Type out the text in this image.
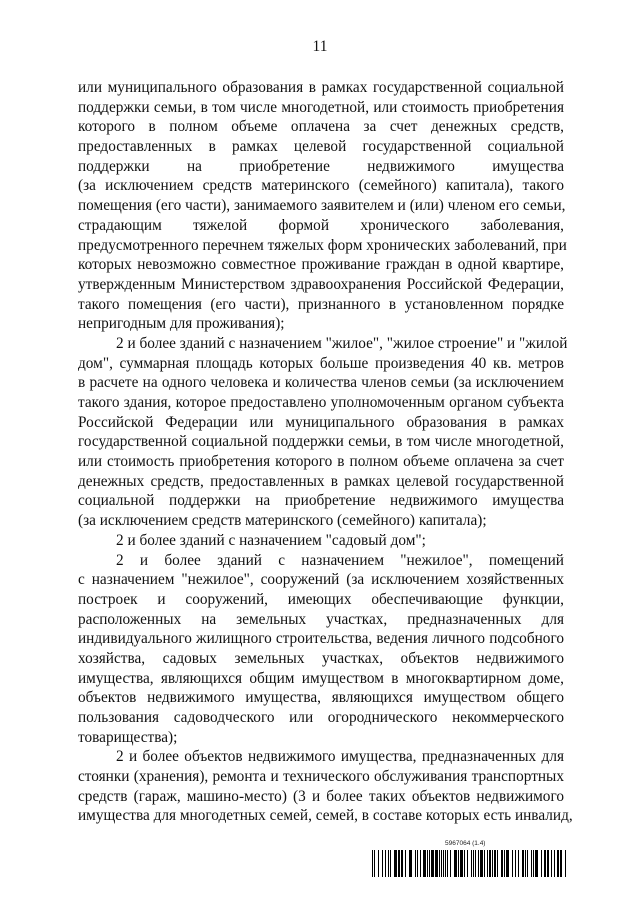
11
или муниципального образования в рамках государственной социальной
поддержки семьи, в том числе многодетной, или стоимость приобретения
которого в полном объеме оплачена за счет денежных средств,
предоставленных в рамках целевой государственной социальной
поддержки на приобретение недвижимого имущества
(за исключением средств материнского (семейного) капитала), такого
помещения (его части), занимаемого заявителем и (или) членом его семьи,
страдающим тяжелой формой хронического заболевания,
предусмотренного перечнем тяжелых форм хронических заболеваний, при
которых невозможно совместное проживание граждан в одной квартире,
утвержденным Министерством здравоохранения Российской Федерации,
такого помещения (его части), признанного в установленном порядке
непригодным для проживания);
2 и более зданий с назначением "жилое", "жилое строение" и "жилой
дом", суммарная площадь которых больше произведения 40 кв. метров
в расчете на одного человека и количества членов семьи (за исключением
такого здания, которое предоставлено уполномоченным органом субъекта
Российской Федерации или муниципального образования в рамках
государственной социальной поддержки семьи, в том числе многодетной,
или стоимость приобретения которого в полном объеме оплачена за счет
денежных средств, предоставленных в рамках целевой государственной
социальной поддержки на приобретение недвижимого имущества
(за исключением средств материнского (семейного) капитала);
2 и более зданий с назначением "садовый дом";
2 и более зданий с назначением "нежилое", помещений
с назначением "нежилое", сооружений (за исключением хозяйственных
построек и сооружений, имеющих обеспечивающие функции,
расположенных на земельных участках, предназначенных для
индивидуального жилищного строительства, ведения личного подсобного
хозяйства, садовых земельных участках, объектов недвижимого
имущества, являющихся общим имуществом в многоквартирном доме,
объектов недвижимого имущества, являющихся имуществом общего
пользования садоводческого или огороднического некоммерческого
товарищества);
2 и более объектов недвижимого имущества, предназначенных для
стоянки (хранения), ремонта и технического обслуживания транспортных
средств (гараж, машино-место) (3 и более таких объектов недвижимого
имущества для многодетных семей, семей, в составе которых есть инвалид,
5967064 (1.4)
